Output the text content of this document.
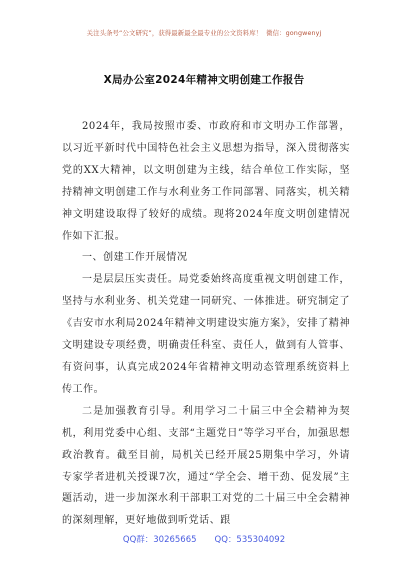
关注头条号“公文研究”，获得最新最全最专业的公文资料库！ 微信：gongwenyj
X局办公室2024年精神文明创建工作报告

2024年，我局按照市委、市政府和市文明办工作部署，以习近平新时代中国特色社会主义思想为指导，深入贯彻落实党的XX大精神，以文明创建为主线，结合单位工作实际，坚持精神文明创建工作与水利业务工作同部署、同落实，机关精神文明建设取得了较好的成绩。现将2024年度文明创建情况作如下汇报。

一、创建工作开展情况

一是层层压实责任。局党委始终高度重视文明创建工作，坚持与水利业务、机关党建一同研究、一体推进。研究制定了《吉安市水利局2024年精神文明建设实施方案》，安排了精神文明建设专项经费，明确责任科室、责任人，做到有人管事、有资问事，认真完成2024年省精神文明动态管理系统资料上传工作。

二是加强教育引导。利用学习二十届三中全会精神为契机，利用党委中心组、支部“主题党日”等学习平台，加强思想政治教育。截至目前，局机关已经开展25期集中学习，外请专家学者进机关授课7次，通过“学全会、增干劲、促发展”主题活动，进一步加深水利干部职工对党的二十届三中全会精神的深刻理解，更好地做到听党话、跟

QQ群：30265665 QQ：535304092
